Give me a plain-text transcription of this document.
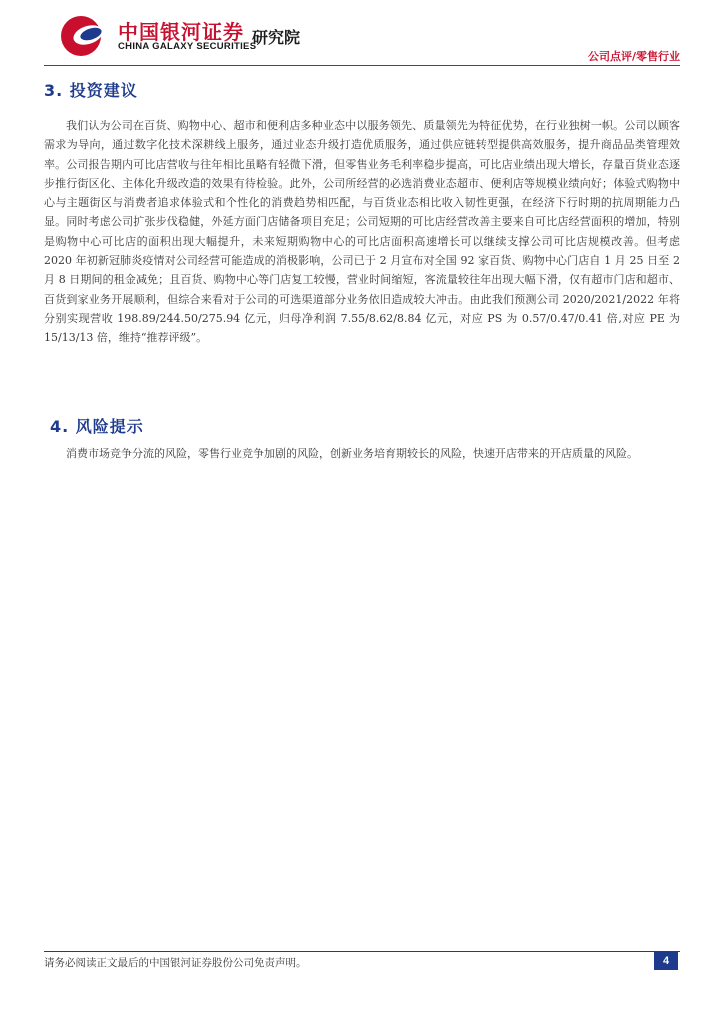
中国银河证券
CHINA GALAXY SECURITIES
研究院
公司点评/零售行业
3. 投资建议

我们认为公司在百货、购物中心、超市和便利店多种业态中以服务领先、质量领先为特征优势，在行业独树一帜。公司以顾客需求为导向，通过数字化技术深耕线上服务，通过业态升级打造优质服务，通过供应链转型提供高效服务，提升商品品类管理效率。公司报告期内可比店营收与往年相比虽略有轻微下滑，但零售业务毛利率稳步提高，可比店业绩出现大增长，存量百货业态逐步推行街区化、主体化升级改造的效果有待检验。此外，公司所经营的必选消费业态超市、便利店等规模业绩向好；体验式购物中心与主题街区与消费者追求体验式和个性化的消费趋势相匹配，与百货业态相比收入韧性更强，在经济下行时期的抗周期能力凸显。同时考虑公司扩张步伐稳健，外延方面门店储备项目充足；公司短期的可比店经营改善主要来自可比店经营面积的增加，特别是购物中心可比店的面积出现大幅提升，未来短期购物中心的可比店面积高速增长可以继续支撑公司可比店规模改善。但考虑 2020 年初新冠肺炎疫情对公司经营可能造成的消极影响，公司已于 2 月宣布对全国 92 家百货、购物中心门店自 1 月 25 日至 2 月 8 日期间的租金减免；且百货、购物中心等门店复工较慢，营业时间缩短，客流量较往年出现大幅下滑，仅有超市门店和超市、百货到家业务开展顺利，但综合来看对于公司的可选渠道部分业务依旧造成较大冲击。由此我们预测公司 2020/2021/2022 年将分别实现营收 198.89/244.50/275.94 亿元，归母净利润 7.55/8.62/8.84 亿元，对应 PS 为 0.57/0.47/0.41 倍,对应 PE 为 15/13/13 倍，维持“推荐评级”。

4. 风险提示

消费市场竞争分流的风险，零售行业竞争加剧的风险，创新业务培育期较长的风险，快速开店带来的开店质量的风险。

请务必阅读正文最后的中国银河证券股份公司免责声明。	4
